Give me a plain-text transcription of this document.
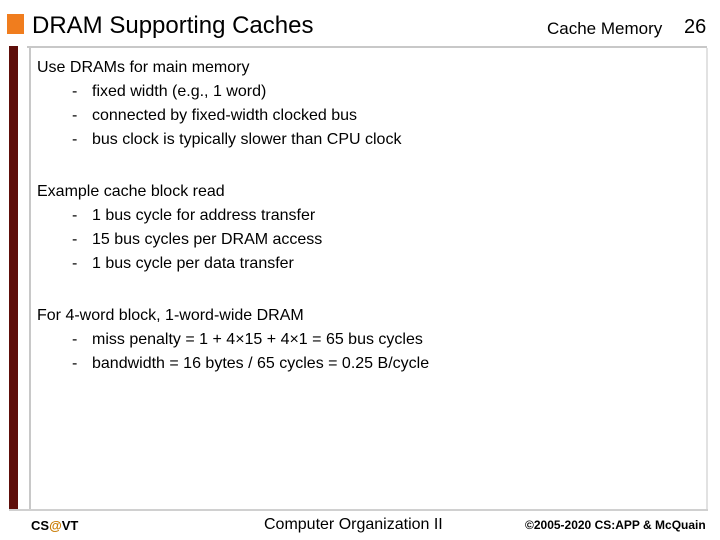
DRAM Supporting Caches	Cache Memory 26
Use DRAMs for main memory
- fixed width (e.g., 1 word)
- connected by fixed-width clocked bus
- bus clock is typically slower than CPU clock
Example cache block read
- 1 bus cycle for address transfer
- 15 bus cycles per DRAM access
- 1 bus cycle per data transfer
For 4-word block, 1-word-wide DRAM
- miss penalty = 1 + 4×15 + 4×1 = 65 bus cycles
- bandwidth = 16 bytes / 65 cycles = 0.25 B/cycle
CS@VT	Computer Organization II	©2005-2020 CS:APP & McQuain
